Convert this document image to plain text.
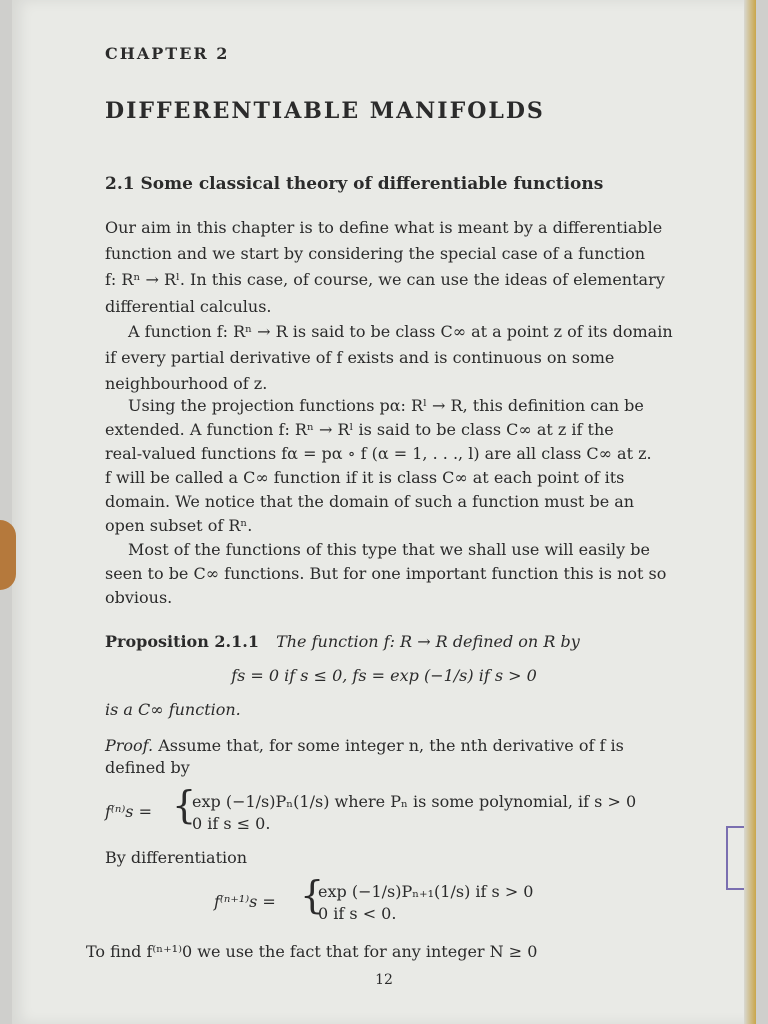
CHAPTER 2
DIFFERENTIABLE MANIFOLDS
2.1 Some classical theory of differentiable functions
Our aim in this chapter is to define what is meant by a differentiable
function and we start by considering the special case of a function
f: Rⁿ → Rˡ. In this case, of course, we can use the ideas of elementary
differential calculus.
A function f: Rⁿ → R is said to be class C∞ at a point z of its domain
if every partial derivative of f exists and is continuous on some
neighbourhood of z.
Using the projection functions pα: Rˡ → R, this definition can be
extended. A function f: Rⁿ → Rˡ is said to be class C∞ at z if the
real-valued functions fα = pα ∘ f (α = 1, . . ., l) are all class C∞ at z.
f will be called a C∞ function if it is class C∞ at each point of its
domain. We notice that the domain of such a function must be an
open subset of Rⁿ.
Most of the functions of this type that we shall use will easily be
seen to be C∞ functions. But for one important function this is not so
obvious.
Proposition 2.1.1 The function f: R → R defined on R by
fs = 0 if s ≤ 0, fs = exp (−1/s) if s > 0
is a C∞ function.
Proof. Assume that, for some integer n, the nth derivative of f is
defined by
f⁽ⁿ⁾s = {
exp (−1/s)Pₙ(1/s) where Pₙ is some polynomial, if s > 0
0 if s ≤ 0.
By differentiation
f⁽ⁿ⁺¹⁾s = {
exp (−1/s)Pₙ₊₁(1/s) if s > 0
0 if s < 0.
To find f⁽ⁿ⁺¹⁾0 we use the fact that for any integer N ≥ 0
12
